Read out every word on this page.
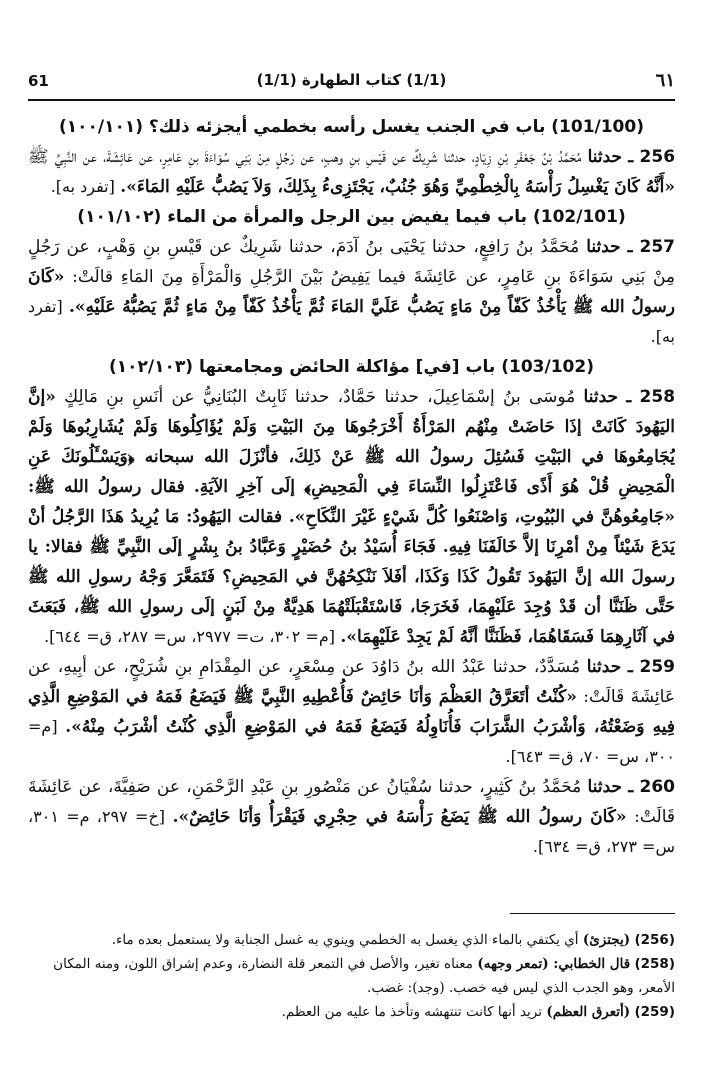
61	(1/1) كتاب الطهارة (1/1)	٦١
(101/100) باب في الجنب يغسل رأسه بخطمي أيجزئه ذلك؟ (١٠٠/١٠١)

256 ـ حدثنا مُحَمَّدُ بْنُ جَعْفَرِ بْنِ زِيَادٍ، حدثنا شَرِيكٌ عن قَيْسِ بنِ وهبٍ، عن رَجُلٍ مِنْ بَنِي سُوَاءَةَ بنِ عَامِرٍ، عن عَائِشَةَ، عن النَّبِيِّ ﷺ «أَنَّهُ كَانَ يَغْسِلُ رَأْسَهُ بِالْخِطْمِيِّ وَهُوَ جُنُبٌ، يَجْتَزِىءُ بِذَلِكَ، وَلاَ يَصُبُّ عَلَيْهِ المَاءَ». [تفرد به].

(102/101) باب فيما يفيض بين الرجل والمرأة من الماء (١٠١/١٠٢)

257 ـ حدثنا مُحَمَّدُ بنُ رَافِعٍ، حدثنا يَحْيَى بنُ آدَمَ، حدثنا شَرِيكٌ عن قَيْسِ بنِ وَهْبٍ، عن رَجُلٍ مِنْ بَنِي سَوَاءَةَ بنِ عَامِرٍ، عن عَائِشَةَ فيما يَفِيضُ بَيْنَ الرَّجُلِ وَالْمَرْأَةِ مِنَ المَاءِ قالَتْ: «كَانَ رسولُ الله ﷺ يَأْخُذُ كَفّاً مِنْ مَاءٍ يَصُبُّ عَلَيَّ المَاءَ ثُمَّ يَأْخُذُ كَفّاً مِنْ مَاءٍ ثُمَّ يَصُبُّهُ عَلَيْهِ». [تفرد به].

(103/102) باب [في] مؤاكلة الحائض ومجامعتها (١٠٢/١٠٣)

258 ـ حدثنا مُوسَى بنُ إسْمَاعِيلَ، حدثنا حَمَّادٌ، حدثنا ثَابِتٌ البُنَانِيُّ عن أنَسِ بنِ مَالِكٍ «إنَّ اليَهُودَ كَانَتْ إذَا حَاضَتْ مِنْهُم المَرْأَةُ أَخْرَجُوهَا مِنَ البَيْتِ وَلَمْ يُؤَاكِلُوهَا وَلَمْ يُشَارِبُوهَا وَلَمْ يُجَامِعُوهَا في البَيْتِ فَسُئِلَ رسولُ الله ﷺ عَنْ ذَلِكَ، فأنْزَلَ الله سبحانه ﴿وَيَسْـَٔلُونَكَ عَنِ الْمَحِيضِ قُلْ هُوَ أَذًى فَاعْتَزِلُوا النِّسَاءَ فِي الْمَحِيضِ﴾ إلَى آخِرِ الآيَةِ. فقال رسولُ الله ﷺ: «جَامِعُوهُنَّ في البُيُوتِ، وَاصْنَعُوا كُلَّ شَيْءٍ غَيْرَ النِّكَاحِ». فقالت اليَهُودُ: مَا يُرِيدُ هَذَا الرَّجُلُ أنْ يَدَعَ شَيْئاً مِنْ أمْرِنَا إلاَّ خَالَفَنَا فِيهِ. فَجَاءَ أُسَيْدُ بنُ حُضَيْرٍ وَعَبَّادُ بنُ بِشْرٍ إلَى النَّبِيِّ ﷺ فقالا: يا رسولَ الله إنَّ اليَهُودَ تَقُولُ كَذَا وَكَذَا، أفَلاَ نَنْكِحُهُنَّ في المَحِيضِ؟ فَتَمَعَّرَ وَجْهُ رسولِ الله ﷺ حَتَّى ظَنَنَّا أن قَدْ وُجِدَ عَلَيْهِمَا، فَخَرَجَا، فَاسْتَقْبَلَتْهُمَا هَدِيَّةٌ مِنْ لَبَنٍ إلَى رسولِ الله ﷺ، فَبَعَثَ في آثَارِهِمَا فَسَقَاهُمَا، فَظَنَنَّا أنَّهُ لَمْ يَجِدْ عَلَيْهِمَا». [م= ٣٠٢، ت= ٢٩٧٧، س= ٢٨٧، ق= ٦٤٤].

259 ـ حدثنا مُسَدَّدٌ، حدثنا عَبْدُ الله بنُ دَاوُدَ عن مِسْعَرٍ، عن المِقْدَامِ بنِ شُرَيْحٍ، عن أبِيهِ، عن عَائِشَةَ قَالَتْ: «كُنْتُ أتَعَرَّقُ العَظْمَ وَأنَا حَائِضٌ فَأُعْطِيهِ النَّبِيَّ ﷺ فَيَضَعُ فَمَهُ في المَوْضِعِ الَّذِي فِيهِ وَضَعْتُهُ، وَأشْرَبُ الشَّرَابَ فَأُنَاوِلُهُ فَيَضَعُ فَمَهُ في المَوْضِعِ الَّذِي كُنْتُ أشْرَبُ مِنْهُ». [م= ٣٠٠، س= ٧٠، ق= ٦٤٣].

260 ـ حدثنا مُحَمَّدُ بنُ كَثِيرٍ، حدثنا سُفْيَانُ عن مَنْصُورِ بنِ عَبْدِ الرَّحْمَنِ، عن صَفِيَّةَ، عن عَائِشَةَ قَالَتْ: «كَانَ رسولُ الله ﷺ يَضَعُ رَأْسَهُ في حِجْرِي فَيَقْرَأُ وَأنَا حَائِضٌ». [خ= ٢٩٧، م= ٣٠١، س= ٢٧٣، ق= ٦٣٤].

(256) (يجتزئ) أي يكتفي بالماء الذي يغسل به الخطمي وينوي به غسل الجنابة ولا يستعمل بعده ماء.

(258) قال الخطابي: (تمعر وجهه) معناه تغير، والأصل في التمعر قلة النضارة، وعدم إشراق اللون، ومنه المكان الأمعر، وهو الجدب الذي ليس فيه خصب. (وجد): غضب.

(259) (أتعرق العظم) تريد أنها كانت تنتهشه وتأخذ ما عليه من العظم.
